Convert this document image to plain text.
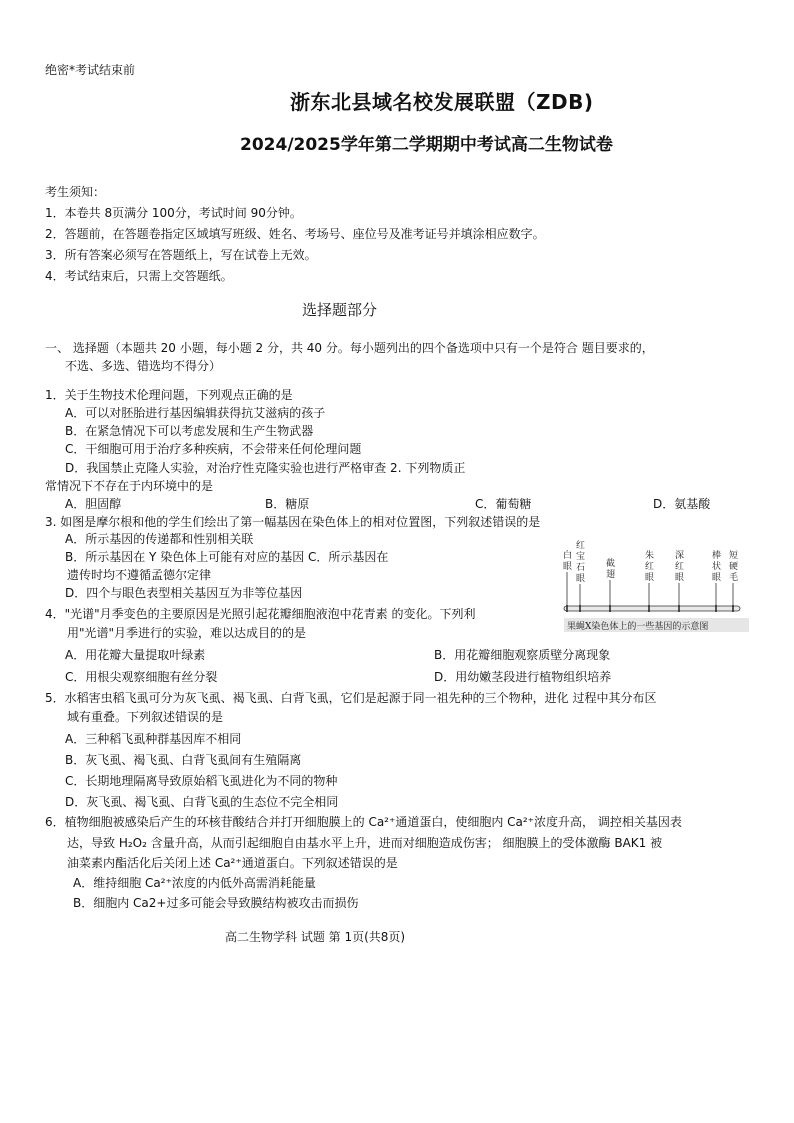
绝密*考试结束前
浙东北县域名校发展联盟（ZDB)
2024/2025学年第二学期期中考试高二生物试卷
考生须知：
1．本卷共 8页满分 100分，考试时间 90分钟。
2．答题前，在答题卷指定区域填写班级、姓名、考场号、座位号及准考证号并填涂相应数字。
3．所有答案必须写在答题纸上，写在试卷上无效。
4．考试结束后，只需上交答题纸。
选择题部分
一、 选择题（本题共 20 小题，每小题 2 分，共 40 分。每小题列出的四个备选项中只有一个是符合 题目要求的，
不选、多选、错选均不得分）
1．关于生物技术伦理问题，下列观点正确的是
A．可以对胚胎进行基因编辑获得抗艾滋病的孩子
B．在紧急情况下可以考虑发展和生产生物武器
C．干细胞可用于治疗多种疾病，不会带来任何伦理问题
D．我国禁止克隆人实验，对治疗性克隆实验也进行严格审查 2. 下列物质正
常情况下不存在于内环境中的是
A．胆固醇	B．糖原	C．葡萄糖	D．氨基酸
3. 如图是摩尔根和他的学生们绘出了第一幅基因在染色体上的相对位置图，下列叙述错误的是
A．所示基因的传递都和性别相关联
B．所示基因在 Y 染色体上可能有对应的基因 C．所示基因在
遗传时均不遵循孟德尔定律
D．四个与眼色表型相关基因互为非等位基因
白
眼
红
宝
石
眼
截
翅
朱
红
眼
深
红
眼
棒
状
眼
短
硬
毛
果蝇X染色体上的一些基因的示意图
4．"光谱"月季变色的主要原因是光照引起花瓣细胞液泡中花青素 的变化。下列利
用"光谱"月季进行的实验，难以达成目的的是
A．用花瓣大量提取叶绿素	B．用花瓣细胞观察质壁分离现象
C．用根尖观察细胞有丝分裂	D．用幼嫩茎段进行植物组织培养
5．水稻害虫稻飞虱可分为灰飞虱、褐飞虱、白背飞虱，它们是起源于同一祖先种的三个物种，进化 过程中其分布区
域有重叠。下列叙述错误的是
A．三种稻飞虱种群基因库不相同
B．灰飞虱、褐飞虱、白背飞虱间有生殖隔离
C．长期地理隔离导致原始稻飞虱进化为不同的物种
D．灰飞虱、褐飞虱、白背飞虱的生态位不完全相同
6．植物细胞被感染后产生的环核苷酸结合并打开细胞膜上的 Ca²⁺通道蛋白，使细胞内 Ca²⁺浓度升高， 调控相关基因表
达，导致 H₂O₂ 含量升高，从而引起细胞自由基水平上升，进而对细胞造成伤害； 细胞膜上的受体激酶 BAK1 被
油菜素内酯活化后关闭上述 Ca²⁺通道蛋白。下列叙述错误的是
A．维持细胞 Ca²⁺浓度的内低外高需消耗能量
B．细胞内 Ca2+过多可能会导致膜结构被攻击而损伤
高二生物学科 试题 第 1页(共8页)
